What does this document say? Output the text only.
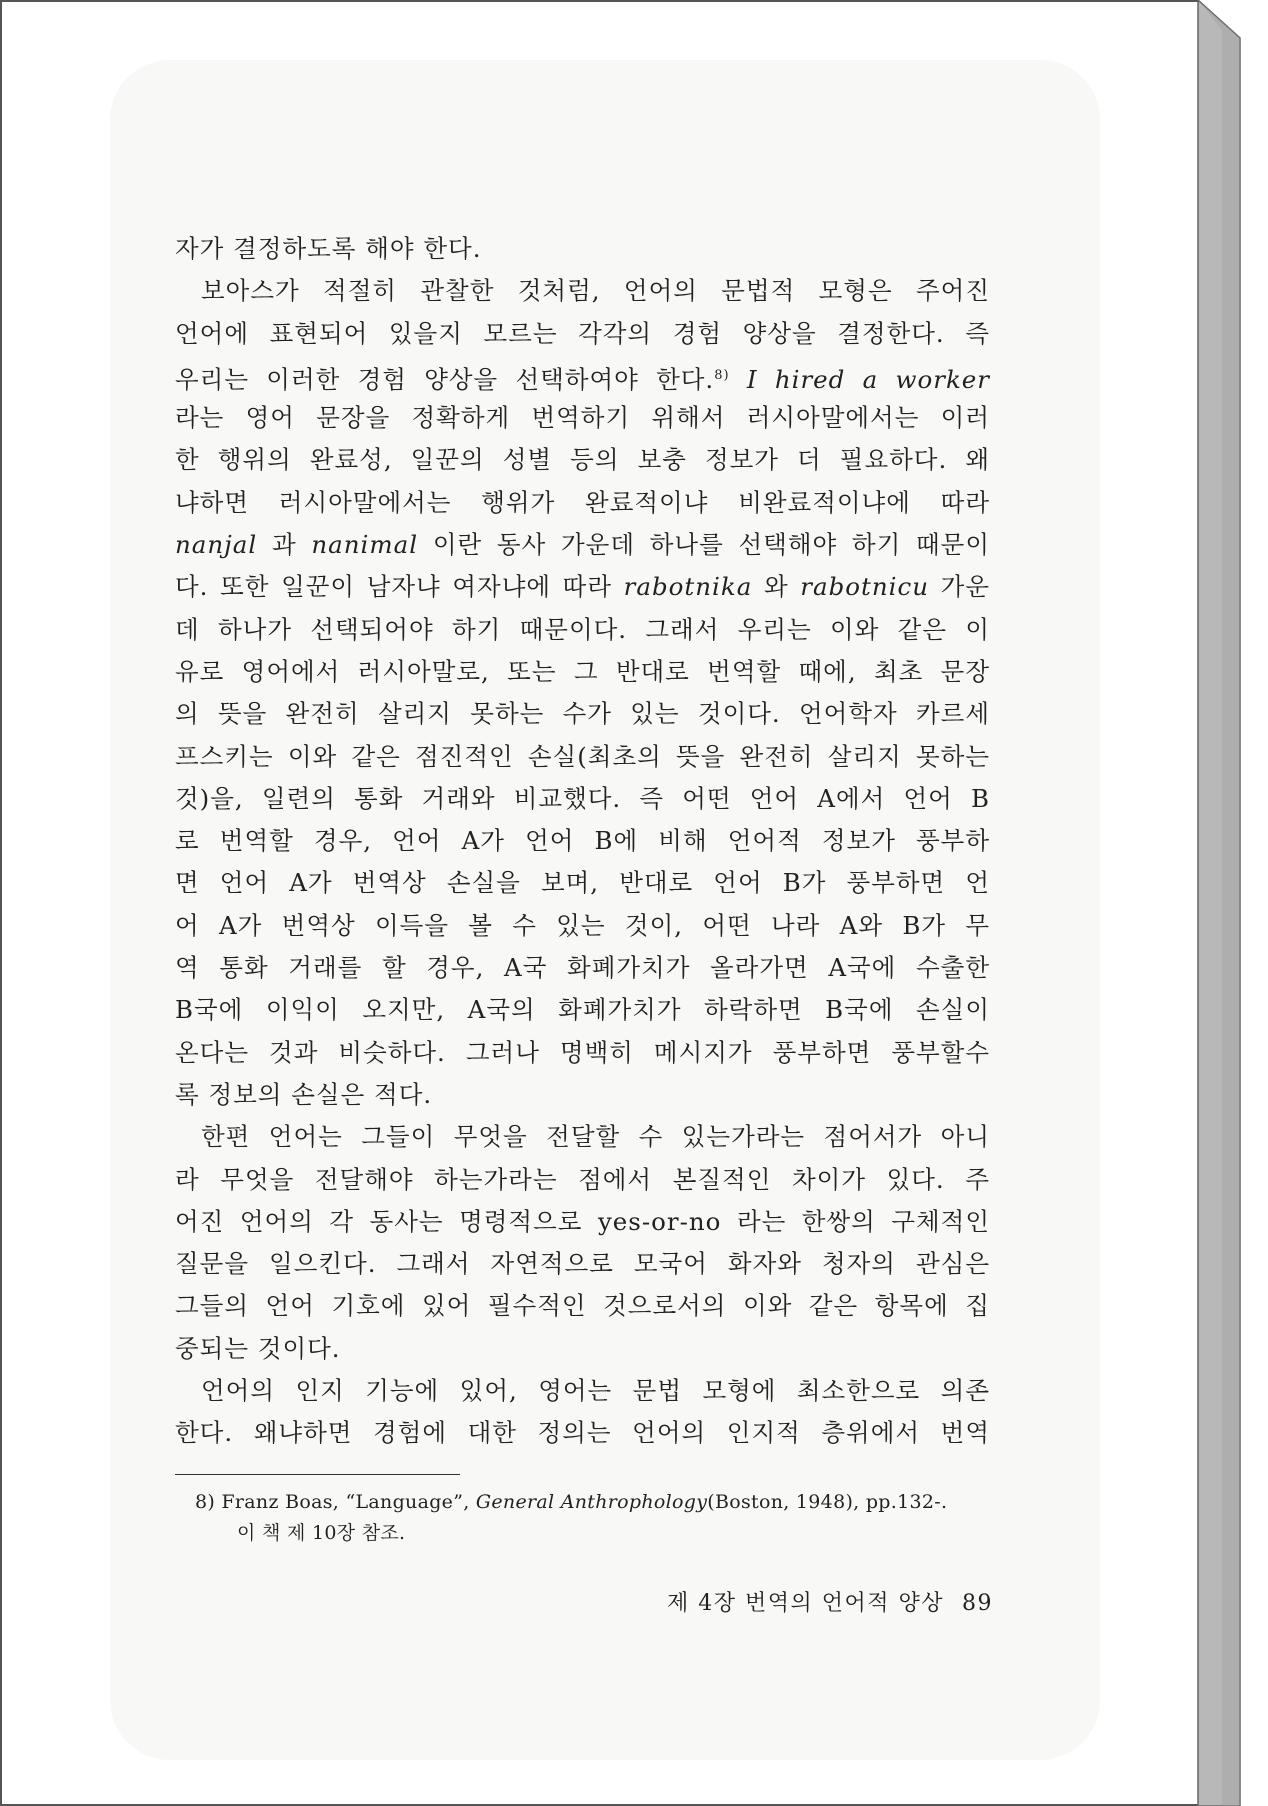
자가 결정하도록 해야 한다.
보아스가 적절히 관찰한 것처럼, 언어의 문법적 모형은 주어진
언어에 표현되어 있을지 모르는 각각의 경험 양상을 결정한다. 즉
우리는 이러한 경험 양상을 선택하여야 한다.$^{8)}$ I hired a worker
라는 영어 문장을 정확하게 번역하기 위해서 러시아말에서는 이러
한 행위의 완료성, 일꾼의 성별 등의 보충 정보가 더 필요하다. 왜
냐하면 러시아말에서는 행위가 완료적이냐 비완료적이냐에 따라
nanjal 과 nanimal 이란 동사 가운데 하나를 선택해야 하기 때문이
다. 또한 일꾼이 남자냐 여자냐에 따라 rabotnika 와 rabotnicu 가운
데 하나가 선택되어야 하기 때문이다. 그래서 우리는 이와 같은 이
유로 영어에서 러시아말로, 또는 그 반대로 번역할 때에, 최초 문장
의 뜻을 완전히 살리지 못하는 수가 있는 것이다. 언어학자 카르세
프스키는 이와 같은 점진적인 손실(최초의 뜻을 완전히 살리지 못하는
것)을, 일련의 통화 거래와 비교했다. 즉 어떤 언어 A에서 언어 B
로 번역할 경우, 언어 A가 언어 B에 비해 언어적 정보가 풍부하
면 언어 A가 번역상 손실을 보며, 반대로 언어 B가 풍부하면 언
어 A가 번역상 이득을 볼 수 있는 것이, 어떤 나라 A와 B가 무
역 통화 거래를 할 경우, A국 화폐가치가 올라가면 A국에 수출한
B국에 이익이 오지만, A국의 화폐가치가 하락하면 B국에 손실이
온다는 것과 비슷하다. 그러나 명백히 메시지가 풍부하면 풍부할수
록 정보의 손실은 적다.
한편 언어는 그들이 무엇을 전달할 수 있는가라는 점어서가 아니
라 무엇을 전달해야 하는가라는 점에서 본질적인 차이가 있다. 주
어진 언어의 각 동사는 명령적으로 yes-or-no 라는 한쌍의 구체적인
질문을 일으킨다. 그래서 자연적으로 모국어 화자와 청자의 관심은
그들의 언어 기호에 있어 필수적인 것으로서의 이와 같은 항목에 집
중되는 것이다.
언어의 인지 기능에 있어, 영어는 문법 모형에 최소한으로 의존
한다. 왜냐하면 경험에 대한 정의는 언어의 인지적 층위에서 번역
8) Franz Boas, “Language”, General Anthrophology(Boston, 1948), pp.132-.
이 책 제 10장 참조.
제 4장 번역의 언어적 양상 89
